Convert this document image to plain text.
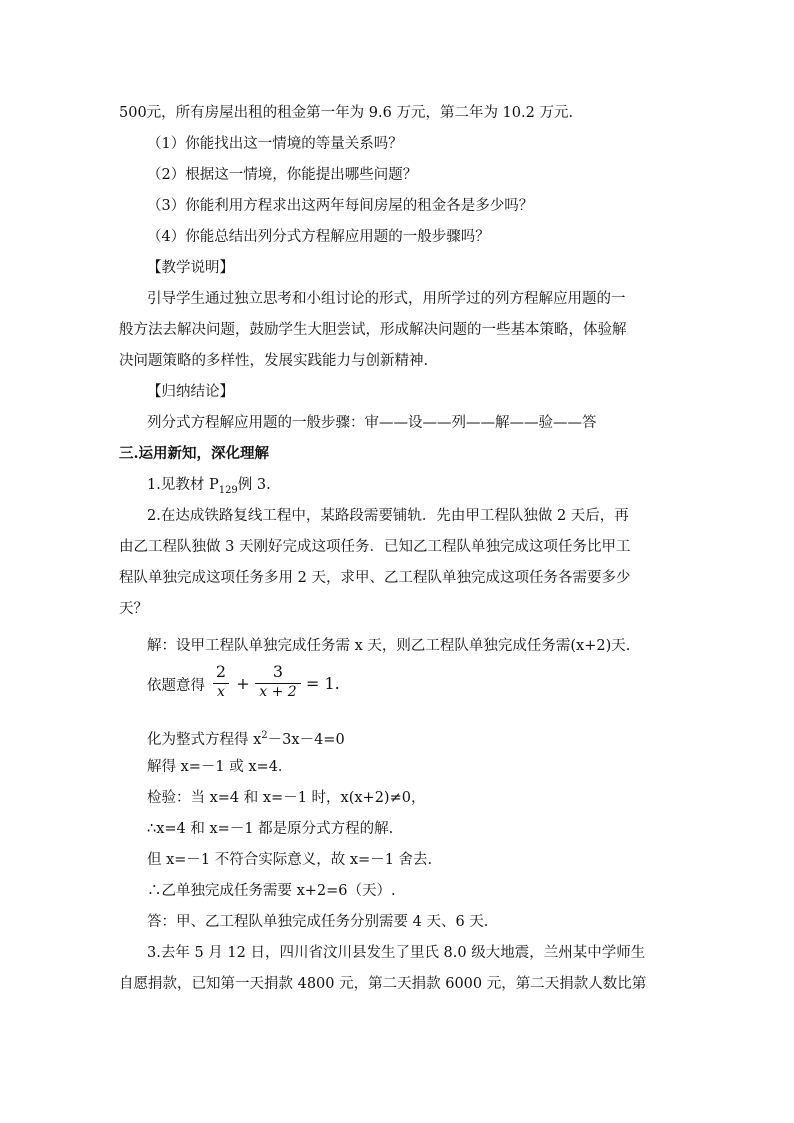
500元，所有房屋出租的租金第一年为 9.6 万元，第二年为 10.2 万元.
（1）你能找出这一情境的等量关系吗？
（2）根据这一情境，你能提出哪些问题？
（3）你能利用方程求出这两年每间房屋的租金各是多少吗？
（4）你能总结出列分式方程解应用题的一般步骤吗？
【教学说明】
引导学生通过独立思考和小组讨论的形式，用所学过的列方程解应用题的一
般方法去解决问题，鼓励学生大胆尝试，形成解决问题的一些基本策略，体验解
决问题策略的多样性，发展实践能力与创新精神.
【归纳结论】
列分式方程解应用题的一般步骤：审——设——列——解——验——答
三.运用新知，深化理解
1.见教材 $P_{129}$例 3.
2.在达成铁路复线工程中，某路段需要铺轨．先由甲工程队独做 2 天后，再
由乙工程队独做 3 天刚好完成这项任务．已知乙工程队单独完成这项任务比甲工
程队单独完成这项任务多用 2 天，求甲、乙工程队单独完成这项任务各需要多少
天？
解：设甲工程队单独完成任务需 x 天，则乙工程队单独完成任务需(x+2)天.
依题意得
2
x +
3
x + 2 = 1.
化为整式方程得 $x^2-3x-4=0$
解得 x=－1 或 x=4．
检验：当 x=4 和 x=－1 时，x(x+2)≠0，
∴x=4 和 x=－1 都是原分式方程的解.
但 x=－1 不符合实际意义，故 x=－1 舍去.
∴乙单独完成任务需要 x+2=6（天）.
答：甲、乙工程队单独完成任务分别需要 4 天、6 天.
3.去年 5 月 12 日，四川省汶川县发生了里氏 8.0 级大地震，兰州某中学师生
自愿捐款，已知第一天捐款 4800 元，第二天捐款 6000 元，第二天捐款人数比第
